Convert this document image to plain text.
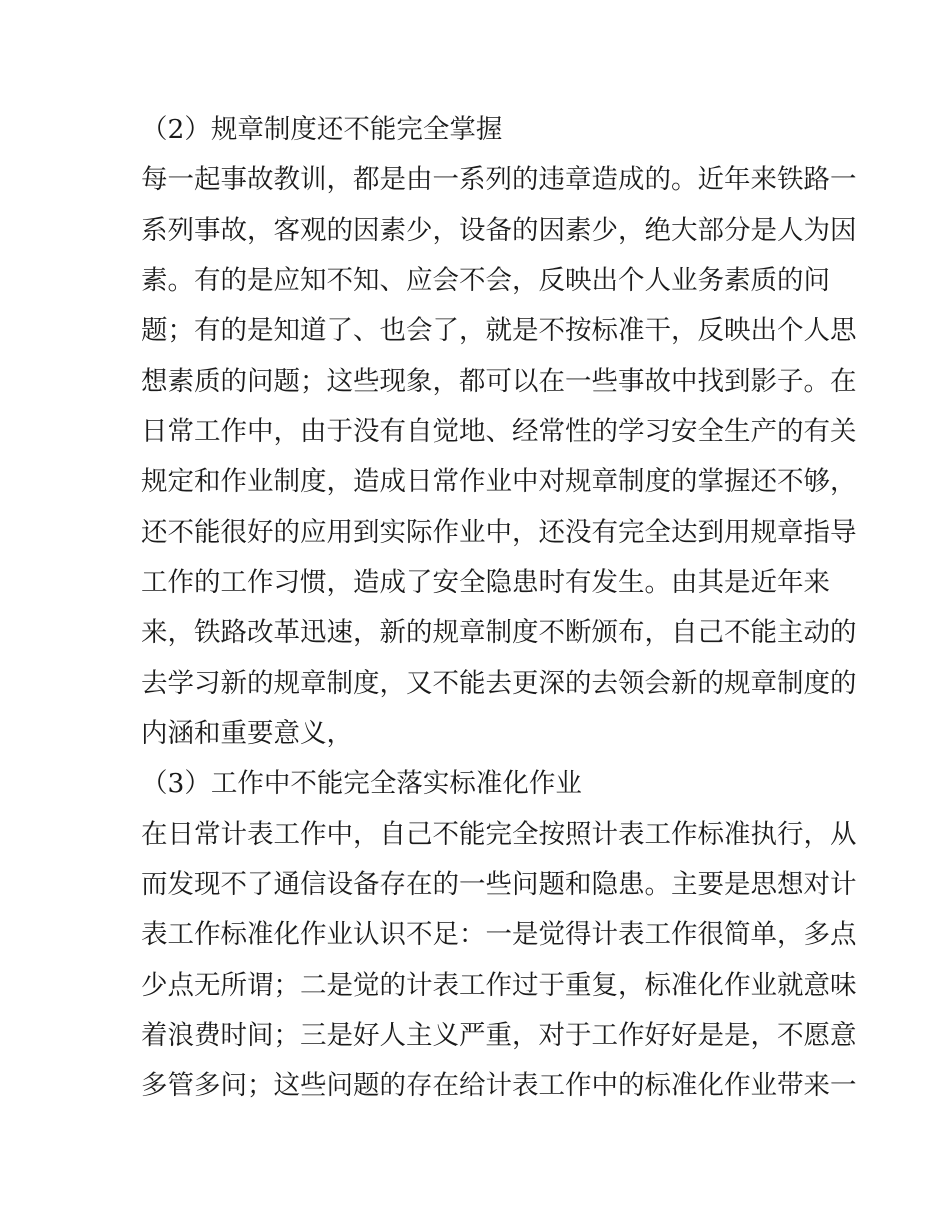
（2）规章制度还不能完全掌握
每一起事故教训，都是由一系列的违章造成的。近年来铁路一
系列事故，客观的因素少，设备的因素少，绝大部分是人为因
素。有的是应知不知、应会不会，反映出个人业务素质的问
题；有的是知道了、也会了，就是不按标准干，反映出个人思
想素质的问题；这些现象，都可以在一些事故中找到影子。在
日常工作中，由于没有自觉地、经常性的学习安全生产的有关
规定和作业制度，造成日常作业中对规章制度的掌握还不够，
还不能很好的应用到实际作业中，还没有完全达到用规章指导
工作的工作习惯，造成了安全隐患时有发生。由其是近年来
来，铁路改革迅速，新的规章制度不断颁布，自己不能主动的
去学习新的规章制度，又不能去更深的去领会新的规章制度的
内涵和重要意义，
（3）工作中不能完全落实标准化作业
在日常计表工作中，自己不能完全按照计表工作标准执行，从
而发现不了通信设备存在的一些问题和隐患。主要是思想对计
表工作标准化作业认识不足：一是觉得计表工作很简单，多点
少点无所谓；二是觉的计表工作过于重复，标准化作业就意味
着浪费时间；三是好人主义严重，对于工作好好是是，不愿意
多管多问；这些问题的存在给计表工作中的标准化作业带来一
